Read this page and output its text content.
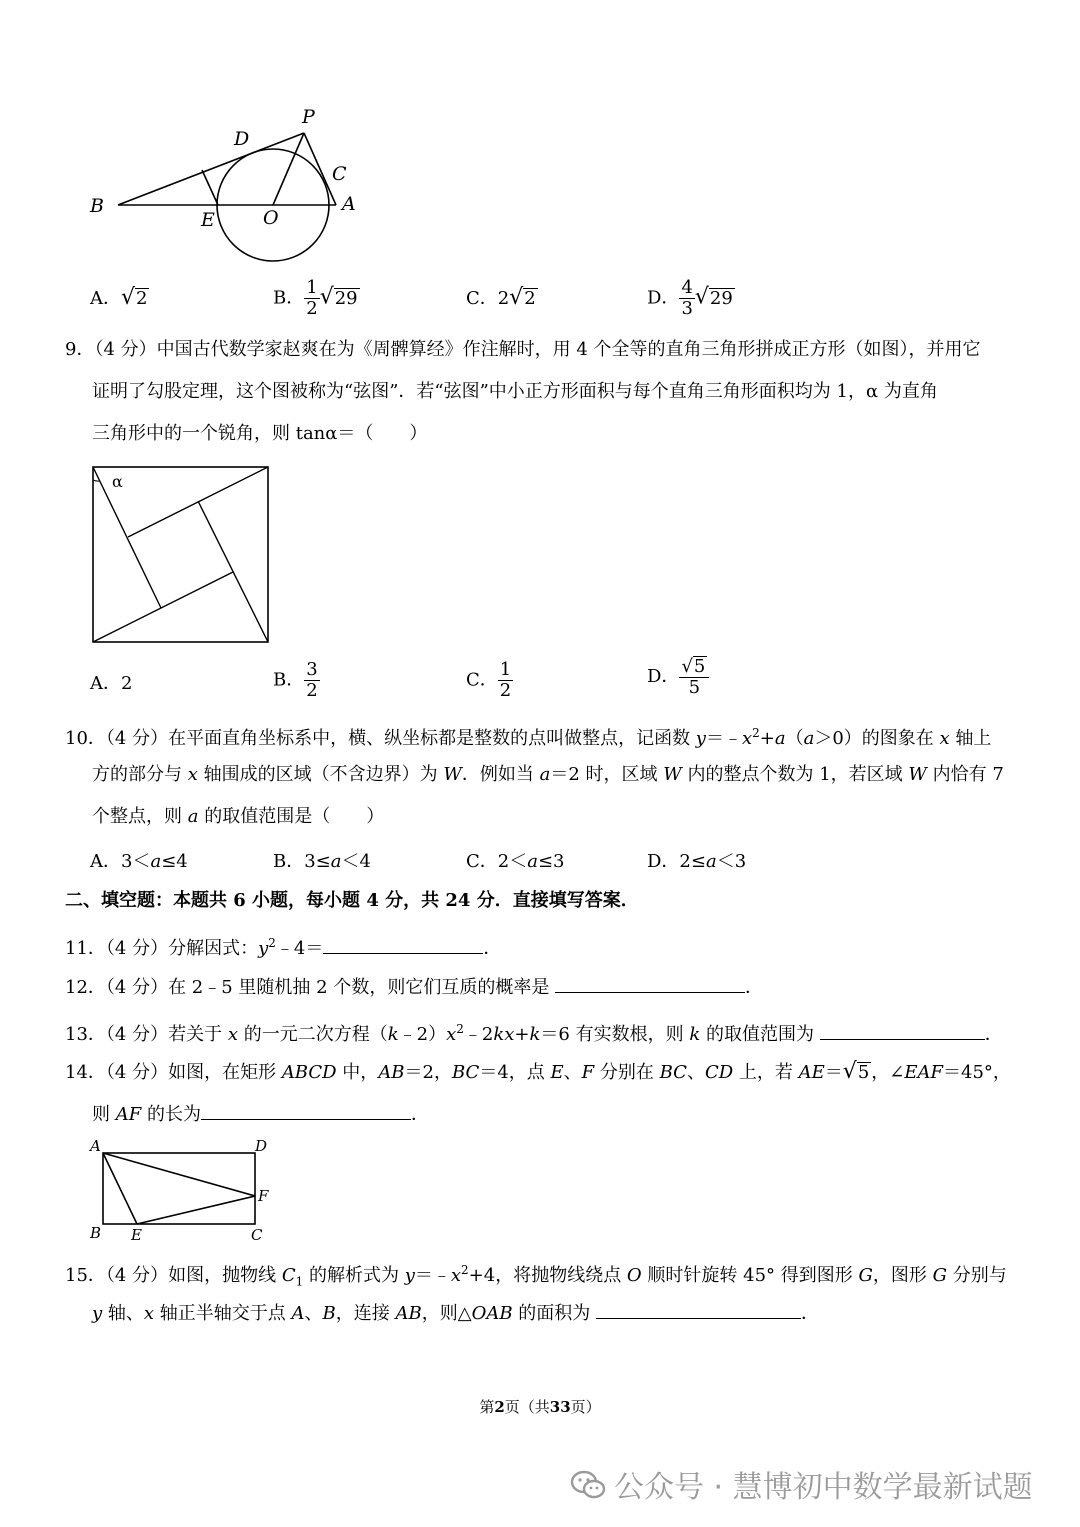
P
D
C
B
E	O
A
A．√2	B． $\frac{1}{2} √29$	C．2√2	D． $\frac{4}{3} √29$
9．（4 分）中国古代数学家赵爽在为《周髀算经》作注解时，用 4 个全等的直角三角形拼成正方形（如图），并用它
证明了勾股定理，这个图被称为“弦图”．若“弦图”中小正方形面积与每个直角三角形面积均为 1，α 为直角
三角形中的一个锐角，则 tanα＝（　　）
α
A．2	B． $\frac{3}{2}$	C． $\frac{1}{2}$	D． $\frac{√5}{5}$
10．（4 分）在平面直角坐标系中，横、纵坐标都是整数的点叫做整点，记函数 $y=﹣x^2+a(a>0)$的图象在 x 轴上
方的部分与 x 轴围成的区域（不含边界）为 W．例如当 a＝2 时，区域 W 内的整点个数为 1，若区域 W 内恰有 7
个整点，则 a 的取值范围是（　　）
A．3＜a≤4	B．3≤a＜4	C．2＜a≤3	D．2≤a＜3
二、填空题：本题共 6 小题，每小题 4 分，共 24 分．直接填写答案．
11．（4 分）分解因式：$y^2﹣4=$	．
12．（4 分）在 2﹣5 里随机抽 2 个数，则它们互质的概率是	．
13．（4 分）若关于 x 的一元二次方程$(k﹣2)x^2﹣2kx+k=6$ 有实数根，则 k 的取值范围为	．
14．（4 分）如图，在矩形 ABCD 中，AB＝2，BC＝4，点 E、F 分别在 BC、CD 上，若 AE＝√5 ，∠EAF＝45°，
则 AF 的长为	．
A	D
F
B E	C
15．（4 分）如图，抛物线 $C_1$ 的解析式为 $y=﹣x^2+4$，将抛物线绕点 O 顺时针旋转 45° 得到图形 G，图形 G 分别与
y 轴、x 轴正半轴交于点 A、B，连接 AB，则△OAB 的面积为	．
第2页（共33页）
公众号 · 慧博初中数学最新试题
